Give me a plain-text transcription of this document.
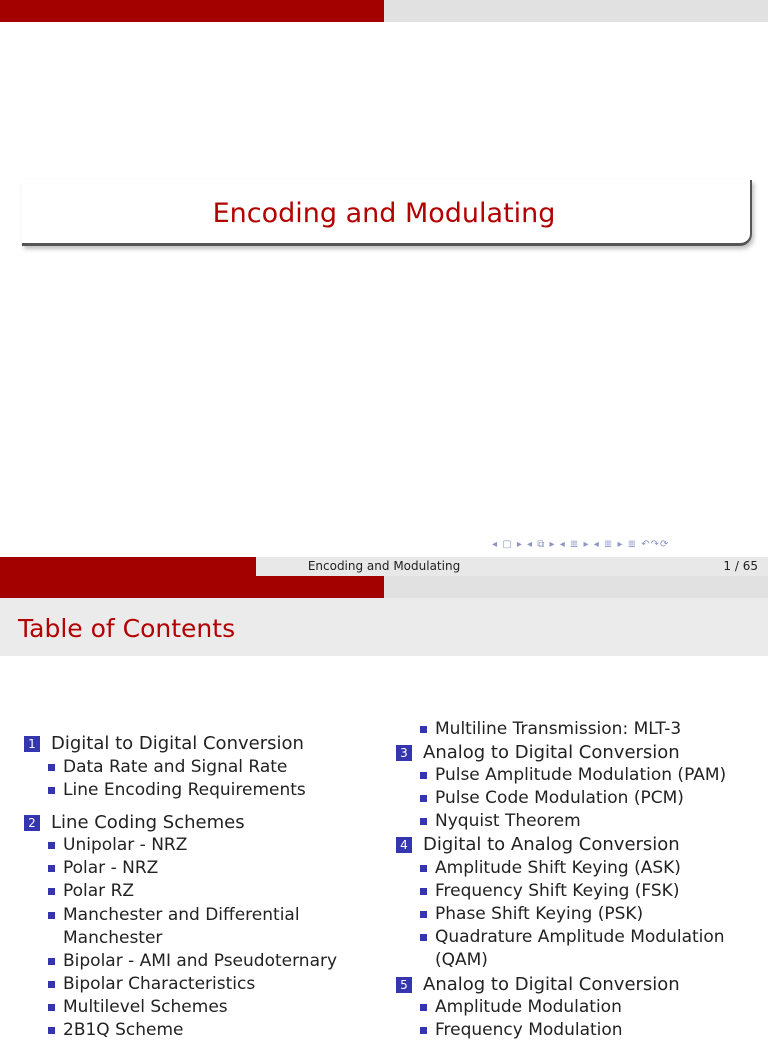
Encoding and Modulating
◂ ▢ ▸ ◂ ⧉ ▸ ◂ ≣ ▸ ◂ ≣ ▸ ≣ ↶↷⟳
Encoding and Modulating	1 / 65
Table of Contents
1 Digital to Digital Conversion
Data Rate and Signal Rate
Line Encoding Requirements
2 Line Coding Schemes
Unipolar - NRZ
Polar - NRZ
Polar RZ
Manchester and Differential
Manchester
Bipolar - AMI and Pseudoternary
Bipolar Characteristics
Multilevel Schemes
2B1Q Scheme
Multiline Transmission: MLT-3
3 Analog to Digital Conversion
Pulse Amplitude Modulation (PAM)
Pulse Code Modulation (PCM)
Nyquist Theorem
4 Digital to Analog Conversion
Amplitude Shift Keying (ASK)
Frequency Shift Keying (FSK)
Phase Shift Keying (PSK)
Quadrature Amplitude Modulation
(QAM)
5 Analog to Digital Conversion
Amplitude Modulation
Frequency Modulation
